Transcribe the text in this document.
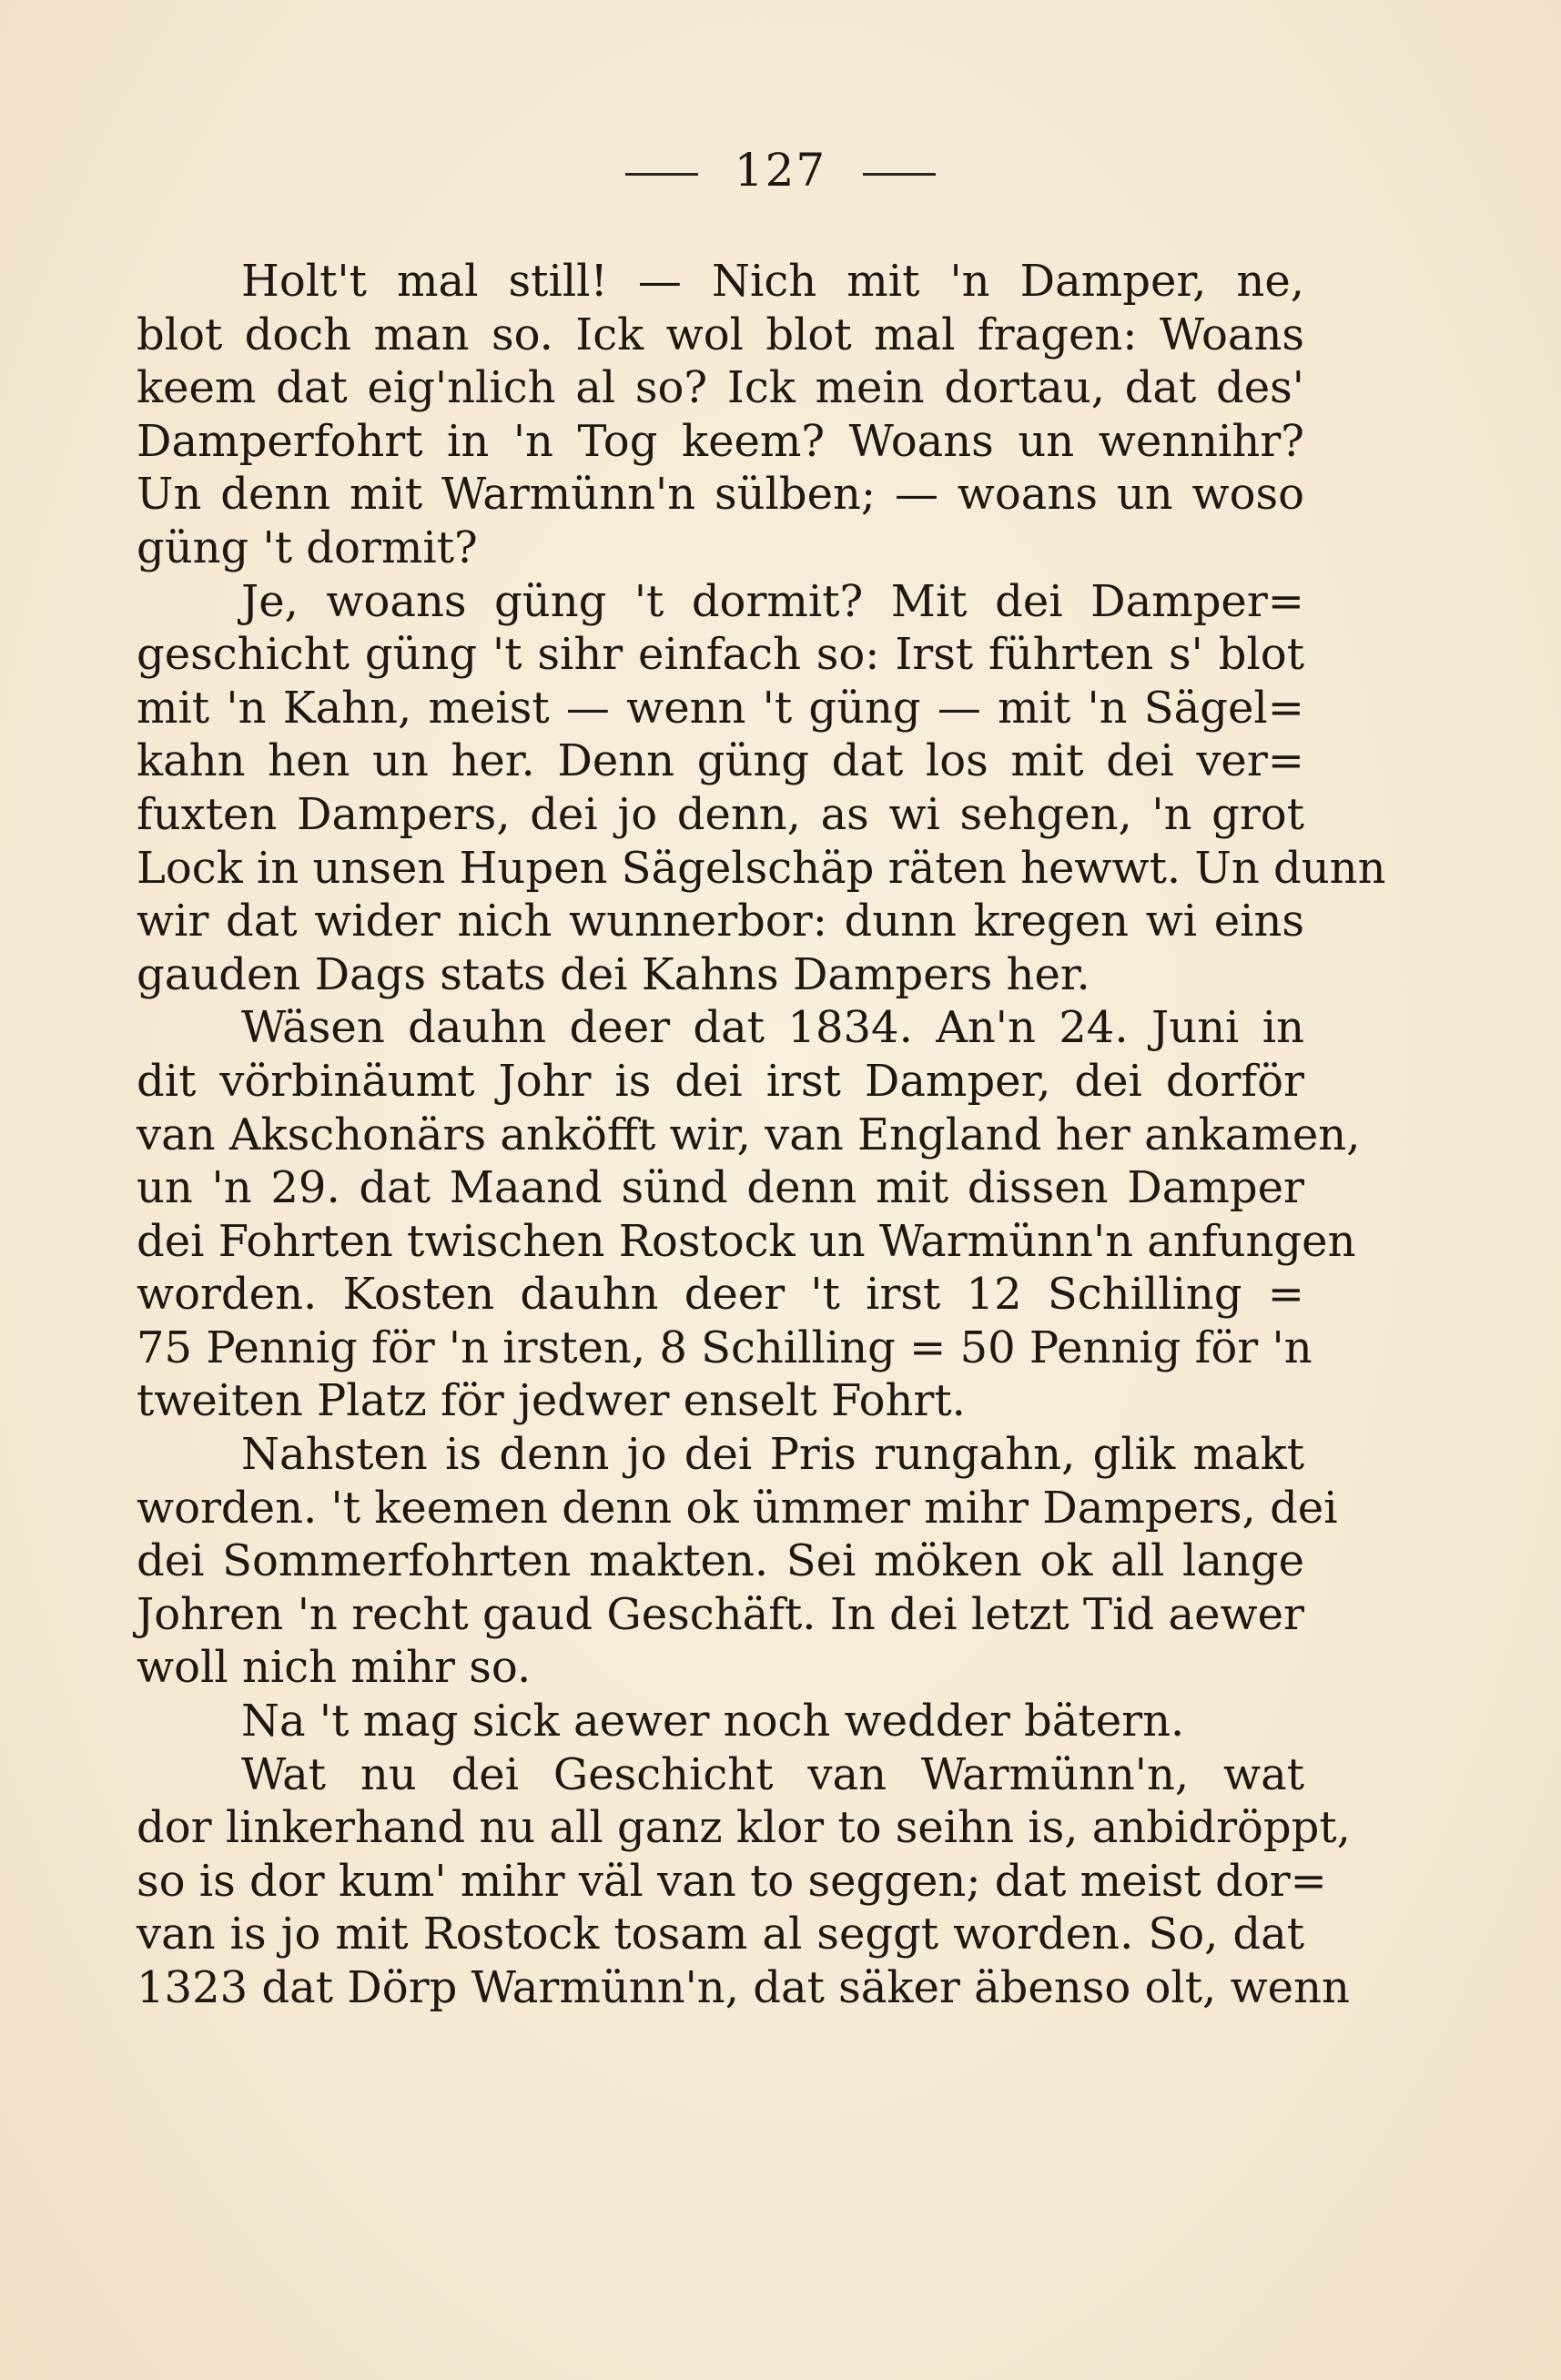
127
Holt't mal still! — Nich mit 'n Damper, ne,
blot doch man so. Ick wol blot mal fragen: Woans
keem dat eig'nlich al so? Ick mein dortau, dat des'
Damperfohrt in 'n Tog keem? Woans un wennihr?
Un denn mit Warmünn'n sülben; — woans un woso
güng 't dormit?
Je, woans güng 't dormit? Mit dei Damper=
geschicht güng 't sihr einfach so: Irst führten s' blot
mit 'n Kahn, meist — wenn 't güng — mit 'n Sägel=
kahn hen un her. Denn güng dat los mit dei ver=
fuxten Dampers, dei jo denn, as wi sehgen, 'n grot
Lock in unsen Hupen Sägelschäp räten hewwt. Un dunn
wir dat wider nich wunnerbor: dunn kregen wi eins
gauden Dags stats dei Kahns Dampers her.
Wäsen dauhn deer dat 1834. An'n 24. Juni in
dit vörbinäumt Johr is dei irst Damper, dei dorför
van Akschonärs anköfft wir, van England her ankamen,
un 'n 29. dat Maand sünd denn mit dissen Damper
dei Fohrten twischen Rostock un Warmünn'n anfungen
worden. Kosten dauhn deer 't irst 12 Schilling =
75 Pennig för 'n irsten, 8 Schilling = 50 Pennig för 'n
tweiten Platz för jedwer enselt Fohrt.
Nahsten is denn jo dei Pris rungahn, glik makt
worden. 't keemen denn ok ümmer mihr Dampers, dei
dei Sommerfohrten makten. Sei möken ok all lange
Johren 'n recht gaud Geschäft. In dei letzt Tid aewer
woll nich mihr so.
Na 't mag sick aewer noch wedder bätern.
Wat nu dei Geschicht van Warmünn'n, wat
dor linkerhand nu all ganz klor to seihn is, anbidröppt,
so is dor kum' mihr väl van to seggen; dat meist dor=
van is jo mit Rostock tosam al seggt worden. So, dat
1323 dat Dörp Warmünn'n, dat säker äbenso olt, wenn
